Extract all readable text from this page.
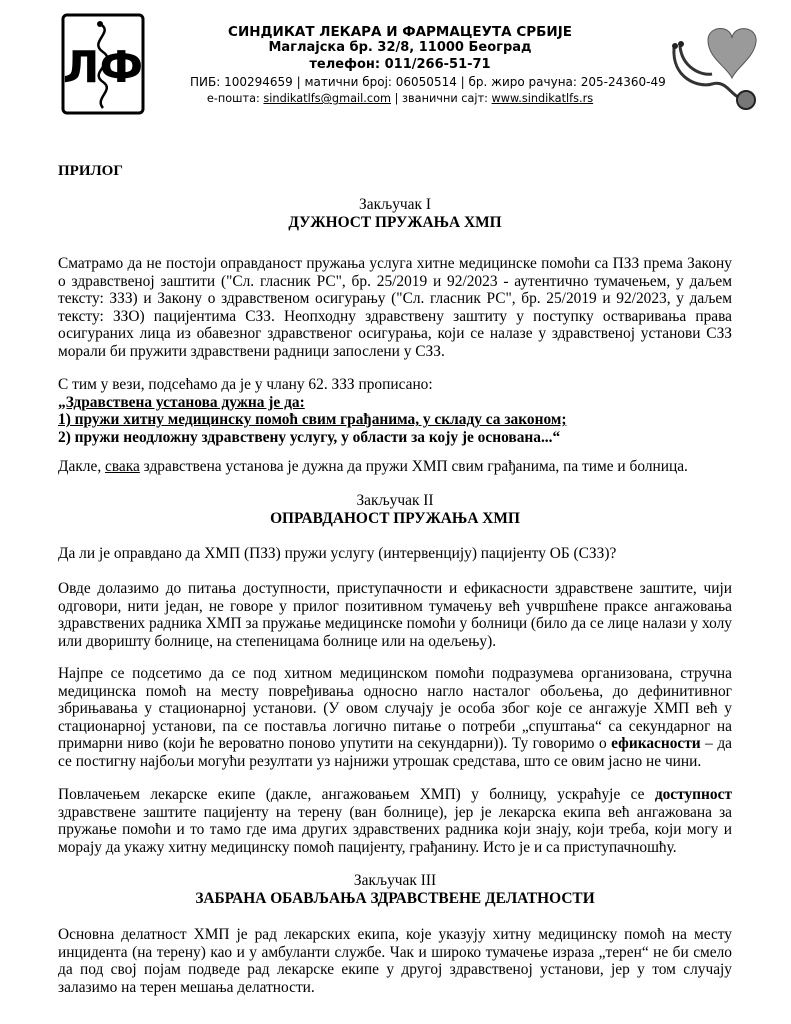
ЛФ
СИНДИКАТ ЛЕКАРА И ФАРМАЦЕУТА СРБИЈЕ
Маглајска бр. 32/8, 11000 Београд
телефон: 011/266-51-71
ПИБ: 100294659 | матични број: 06050514 | бр. жиро рачуна: 205-24360-49
е-пошта: sindikatlfs@gmail.com | званични сајт: www.sindikatlfs.rs
ПРИЛОГ
Закључак I
ДУЖНОСТ ПРУЖАЊА ХМП
Сматрамо да не постоји оправданост пружања услуга хитне медицинске помоћи са ПЗЗ према Закону о здравственој заштити ("Сл. гласник РС", бр. 25/2019 и 92/2023 - аутентично тумачењем, у даљем тексту: ЗЗЗ) и Закону о здравственом осигурању ("Сл. гласник РС", бр. 25/2019 и 92/2023, у даљем тексту: ЗЗО) пацијентима СЗЗ. Неопходну здравствену заштиту у поступку остваривања права осигураних лица из обавезног здравственог осигурања, који се налазе у здравственој установи СЗЗ морали би пружити здравствени радници запослени у СЗЗ.

С тим у вези, подсећамо да је у члану 62. ЗЗЗ прописано:

„Здравствена установа дужна је да:

1) пружи хитну медицинску помоћ свим грађанима, у складу са законом;

2) пружи неодложну здравствену услугу, у области за коју је основана...“

Дакле, свака здравствена установа је дужна да пружи ХМП свим грађанима, па тиме и болница.
Закључак II
ОПРАВДАНОСТ ПРУЖАЊА ХМП
Да ли је оправдано да ХМП (ПЗЗ) пружи услугу (интервенцију) пацијенту ОБ (СЗЗ)?
Овде долазимо до питања доступности, приступачности и ефикасности здравствене заштите, чији одговори, нити један, не говоре у прилог позитивном тумачењу већ учвршћене праксе ангажовања здравствених радника ХМП за пружање медицинске помоћи у болници (било да се лице налази у холу или дворишту болнице, на степеницама болнице или на одељењу).
Најпре се подсетимо да се под хитном медицинском помоћи подразумева организована, стручна медицинска помоћ на месту повређивања односно нагло насталог обољења, до дефинитивног збрињавања у стационарној установи. (У овом случају је особа због које се ангажује ХМП већ у стационарној установи, па се поставља логично питање о потреби „спуштања“ са секундарног на примарни ниво (који ће вероватно поново упутити на секундарни)). Ту говоримо о ефикасности – да се постигну најбољи могући резултати уз најнижи утрошак средстава, што се овим јасно не чини.
Повлачењем лекарске екипе (дакле, ангажовањем ХМП) у болницу, ускраћује се доступност здравствене заштите пацијенту на терену (ван болнице), јер је лекарска екипа већ ангажована за пружање помоћи и то тамо где има других здравствених радника који знају, који треба, који могу и морају да укажу хитну медицинску помоћ пацијенту, грађанину. Исто је и са приступачношћу.
Закључак III
ЗАБРАНА ОБАВЉАЊА ЗДРАВСТВЕНЕ ДЕЛАТНОСТИ
Основна делатност ХМП је рад лекарских екипа, које указују хитну медицинску помоћ на месту инцидента (на терену) као и у амбуланти службе. Чак и широко тумачење израза „терен“ не би смело да под свој појам подведе рад лекарске екипе у другој здравственој установи, јер у том случају залазимо на терен мешања делатности.
